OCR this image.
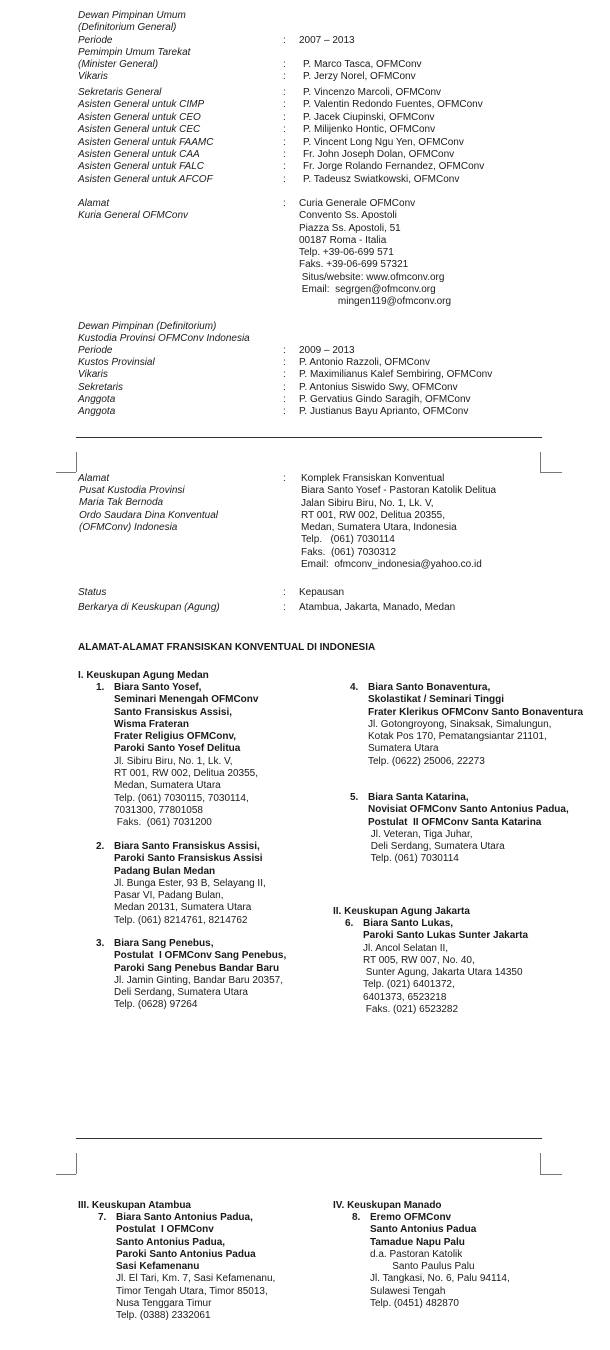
Dewan Pimpinan Umum
(Definitorium General)
Periode	: 2007 – 2013
Pemimpin Umum Tarekat
(Minister General)	: P. Marco Tasca, OFMConv
Vikaris	: P. Jerzy Norel, OFMConv
Sekretaris General	: P. Vincenzo Marcoli, OFMConv
Asisten General untuk CIMP	: P. Valentin Redondo Fuentes, OFMConv
Asisten General untuk CEO	: P. Jacek Ciupinski, OFMConv
Asisten General untuk CEC	: P. Milijenko Hontic, OFMConv
Asisten General untuk FAAMC	: P. Vincent Long Ngu Yen, OFMConv
Asisten General untuk CAA	: Fr. John Joseph Dolan, OFMConv
Asisten General untuk FALC	: Fr. Jorge Rolando Fernandez, OFMConv
Asisten General untuk AFCOF	: P. Tadeusz Swiatkowski, OFMConv
Alamat	:
Kuria General OFMConv
Curia Generale OFMConv
Convento Ss. Apostoli
Piazza Ss. Apostoli, 51
00187 Roma - Italia
Telp. +39-06-699 571
Faks. +39-06-699 57321
Situs/website: www.ofmconv.org
Email:  segrgen@ofmconv.org
mingen119@ofmconv.org
Dewan Pimpinan (Definitorium)
Kustodia Provinsi OFMConv Indonesia
Periode	: 2009 – 2013
Kustos Provinsial	: P. Antonio Razzoli, OFMConv
Vikaris	: P. Maximilianus Kalef Sembiring, OFMConv
Sekretaris	: P. Antonius Siswido Swy, OFMConv
Anggota	: P. Gervatius Gindo Saragih, OFMConv
Anggota	: P. Justianus Bayu Aprianto, OFMConv
Alamat	:
Pusat Kustodia Provinsi
Maria Tak Bernoda
Ordo Saudara Dina Konventual
(OFMConv) Indonesia
Komplek Fransiskan Konventual
Biara Santo Yosef - Pastoran Katolik Delitua
Jalan Sibiru Biru, No. 1, Lk. V,
RT 001, RW 002, Delitua 20355,
Medan, Sumatera Utara, Indonesia
Telp.   (061) 7030114
Faks.  (061) 7030312
Email:  ofmconv_indonesia@yahoo.co.id
Status	: Kepausan
Berkarya di Keuskupan (Agung)	: Atambua, Jakarta, Manado, Medan
ALAMAT-ALAMAT FRANSISKAN KONVENTUAL DI INDONESIA
I. Keuskupan Agung Medan
II. Keuskupan Agung Jakarta
1. Biara Santo Yosef,
Seminari Menengah OFMConv
Santo Fransiskus Assisi,
Wisma Frateran
Frater Religius OFMConv,
Paroki Santo Yosef Delitua
Jl. Sibiru Biru, No. 1, Lk. V,
RT 001, RW 002, Delitua 20355,
Medan, Sumatera Utara
Telp. (061) 7030115, 7030114,
7031300, 77801058
Faks.  (061) 7031200
2. Biara Santo Fransiskus Assisi,
Paroki Santo Fransiskus Assisi
Padang Bulan Medan
Jl. Bunga Ester, 93 B, Selayang II,
Pasar VI, Padang Bulan,
Medan 20131, Sumatera Utara
Telp. (061) 8214761, 8214762
3. Biara Sang Penebus,
Postulat  I OFMConv Sang Penebus,
Paroki Sang Penebus Bandar Baru
Jl. Jamin Ginting, Bandar Baru 20357,
Deli Serdang, Sumatera Utara
Telp. (0628) 97264
4. Biara Santo Bonaventura,
Skolastikat / Seminari Tinggi
Frater Klerikus OFMConv Santo Bonaventura
Jl. Gotongroyong, Sinaksak, Simalungun,
Kotak Pos 170, Pematangsiantar 21101,
Sumatera Utara
Telp. (0622) 25006, 22273
5. Biara Santa Katarina,
Novisiat OFMConv Santo Antonius Padua,
Postulat  II OFMConv Santa Katarina
Jl. Veteran, Tiga Juhar,
Deli Serdang, Sumatera Utara
Telp. (061) 7030114
6. Biara Santo Lukas,
Paroki Santo Lukas Sunter Jakarta
Jl. Ancol Selatan II,
RT 005, RW 007, No. 40,
Sunter Agung, Jakarta Utara 14350
Telp. (021) 6401372,
6401373, 6523218
Faks. (021) 6523282
III. Keuskupan Atambua	IV. Keuskupan Manado
7. Biara Santo Antonius Padua,
Postulat  I OFMConv
Santo Antonius Padua,
Paroki Santo Antonius Padua
Sasi Kefamenanu
Jl. El Tari, Km. 7, Sasi Kefamenanu,
Timor Tengah Utara, Timor 85013,
Nusa Tenggara Timur
Telp. (0388) 2332061
8. Eremo OFMConv
Santo Antonius Padua
Tamadue Napu Palu
d.a. Pastoran Katolik
Santo Paulus Palu
Jl. Tangkasi, No. 6, Palu 94114,
Sulawesi Tengah
Telp. (0451) 482870
